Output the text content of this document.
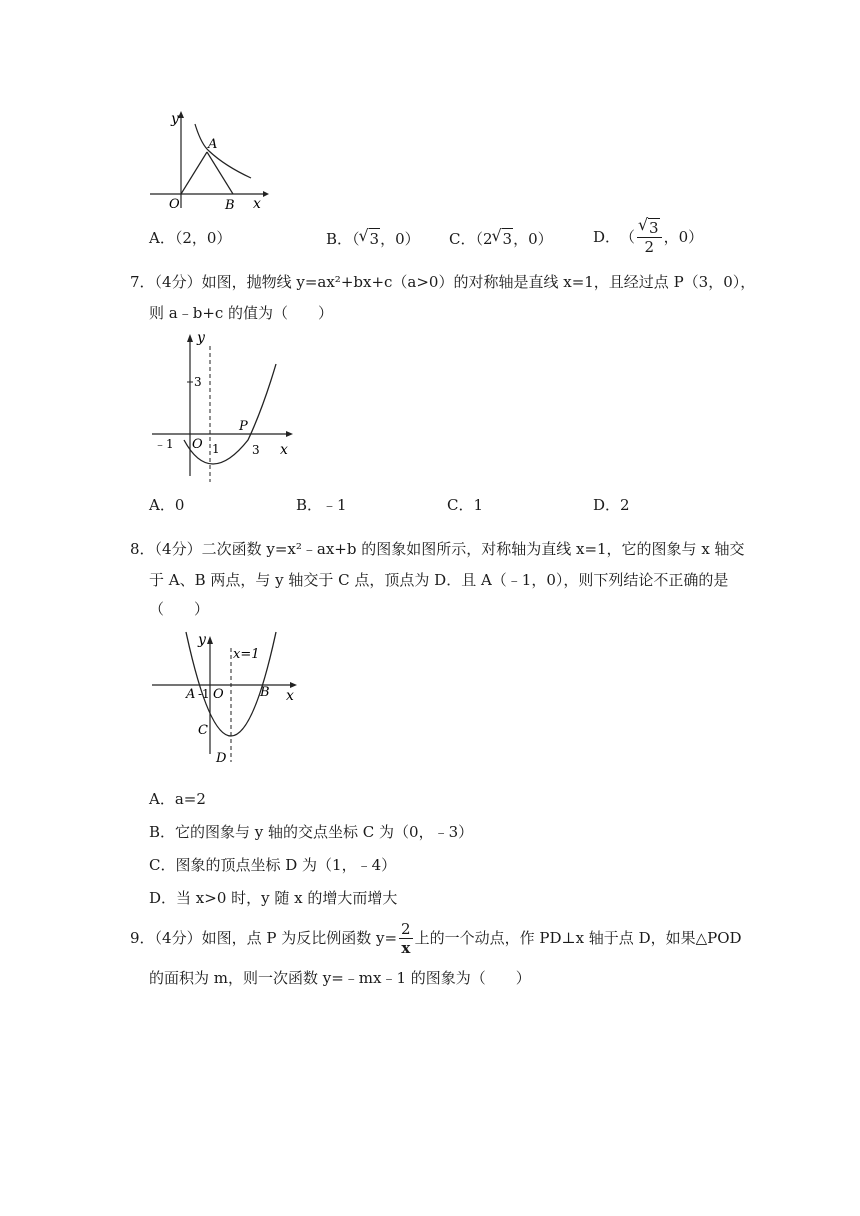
y
A
O	B x
A．（2，0）	B．（ √ 3，0） C．（2 √ 3，0）	D． （ √ $\frac{3}{2}$ ，0）
7．（4分）如图，抛物线 y=ax²+bx+c（a>0）的对称轴是直线 x=1，且经过点 P（3，0），
则 a﹣b+c 的值为（　　）
y
3
﹣1 O 1
P
3 x
A．0	B．﹣1	C．1	D．2
8．（4分）二次函数 y=x²﹣ax+b 的图象如图所示，对称轴为直线 x=1，它的图象与 x 轴交
于 A、B 两点，与 y 轴交于 C 点，顶点为 D．且 A（﹣1，0），则下列结论不正确的是
（　　）
y
x=1
A -1 O	B x
C
D
A．a=2
B．它的图象与 y 轴的交点坐标 C 为（0，﹣3）
C．图象的顶点坐标 D 为（1，﹣4）
D．当 x>0 时，y 随 x 的增大而增大
9．（4分）如图，点 P 为反比例函数 $y= \frac{2}{x}$ 上的一个动点，作 PD⊥x 轴于点 D，如果△POD
的面积为 m，则一次函数 y=﹣mx﹣1 的图象为（　　）
